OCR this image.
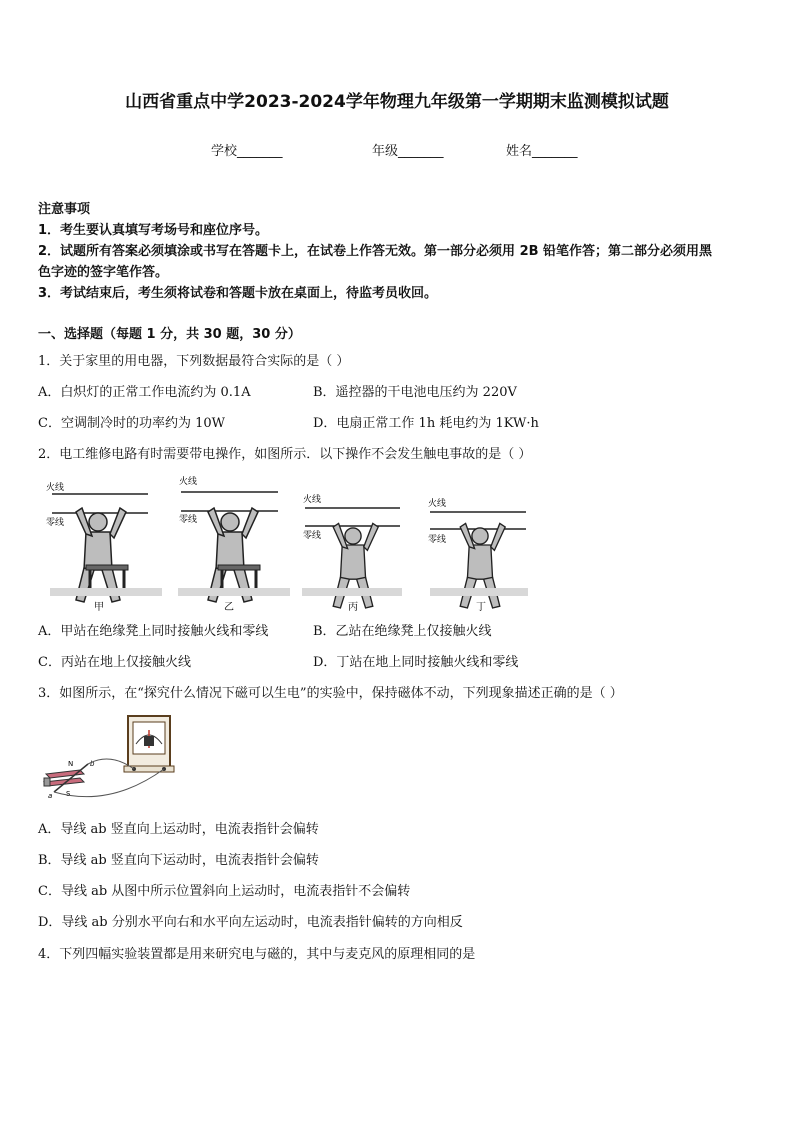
山西省重点中学2023-2024学年物理九年级第一学期期末监测模拟试题
学校_______	年级_______	姓名_______
注意事项
1．考生要认真填写考场号和座位序号。
2．试题所有答案必须填涂或书写在答题卡上，在试卷上作答无效。第一部分必须用 2B 铅笔作答；第二部分必须用黑
色字迹的签字笔作答。
3．考试结束后，考生须将试卷和答题卡放在桌面上，待监考员收回。
一、选择题（每题 1 分，共 30 题，30 分）
1．关于家里的用电器，下列数据最符合实际的是（ ）
A．白炽灯的正常工作电流约为 0.1A	B．遥控器的干电池电压约为 220V
C．空调制冷时的功率约为 10W	D．电扇正常工作 1h 耗电约为 1KW·h
2．电工维修电路有时需要带电操作，如图所示．以下操作不会发生触电事故的是（ ）
火线
零线
甲
火线
零线
乙
火线
零线
丙
火线
零线
丁
A．甲站在绝缘凳上同时接触火线和零线	B．乙站在绝缘凳上仅接触火线
C．丙站在地上仅接触火线	D．丁站在地上同时接触火线和零线
3．如图所示，在“探究什么情况下磁可以生电”的实验中，保持磁体不动，下列现象描述正确的是（ ）
N
S
b
a
A．导线 ab 竖直向上运动时，电流表指针会偏转
B．导线 ab 竖直向下运动时，电流表指针会偏转
C．导线 ab 从图中所示位置斜向上运动时，电流表指针不会偏转
D．导线 ab 分别水平向右和水平向左运动时，电流表指针偏转的方向相反
4．下列四幅实验装置都是用来研究电与磁的，其中与麦克风的原理相同的是
